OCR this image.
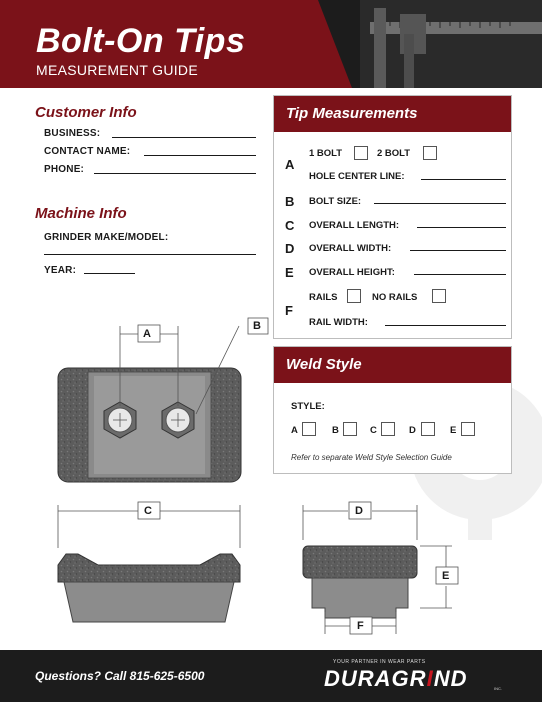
Bolt-On Tips
MEASUREMENT GUIDE
Customer Info
BUSINESS:
CONTACT NAME:
PHONE:
Machine Info
GRINDER MAKE/MODEL:
YEAR:
Tip Measurements
A
1 BOLT	2 BOLT
HOLE CENTER LINE:
B BOLT SIZE:
C OVERALL LENGTH:
D OVERALL WIDTH:
E OVERALL HEIGHT:
F
RAILS	NO RAILS
RAIL WIDTH:
Weld Style
STYLE:
A	B	C	D	E
Refer to separate Weld Style Selection Guide
A
B
C	D
E
F
Questions? Call 815-625-6500
YOUR PARTNER IN WEAR PARTS
DURAGRIND	INC.
